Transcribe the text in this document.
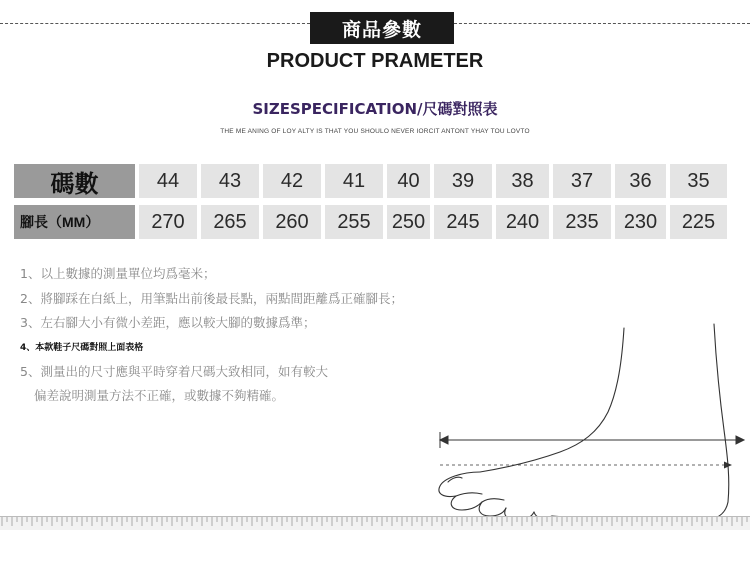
商品參數
PRODUCT PRAMETER
SIZESPECIFICATION/尺碼對照表
THE ME ANING OF LOY ALTY IS THAT YOU SHOULO NEVER IORCIT ANTONT YHAY TOU LOVTO
碼數	44	43	42	41	40	39	38	37	36	35
腳長（MM）	270	265	260	255	250	245	240	235	230	225
1、以上數據的測量單位均爲毫米；
2、將腳踩在白紙上，用筆點出前後最長點，兩點間距離爲正確腳長；
3、左右腳大小有微小差距，應以較大腳的數據爲準；
4、本款鞋子尺碼對照上面表格
5、測量出的尺寸應與平時穿着尺碼大致相同，如有較大
偏差說明測量方法不正確，或數據不夠精確。
